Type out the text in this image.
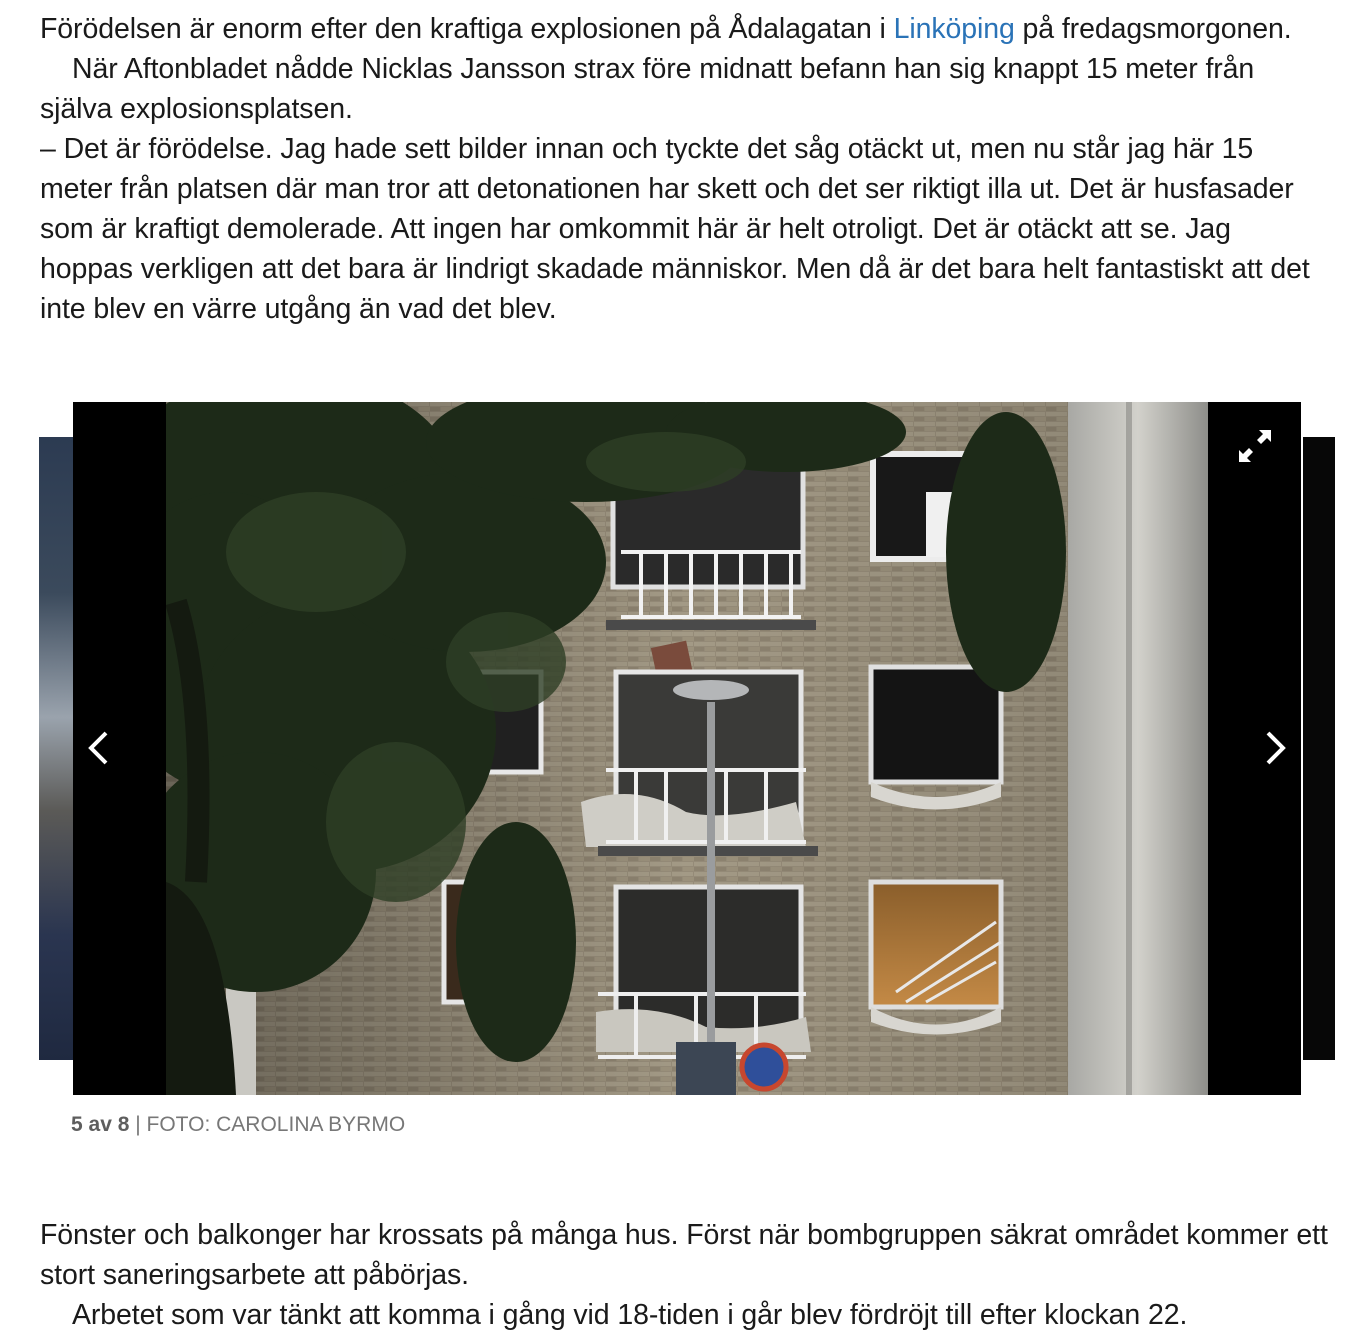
Förödelsen är enorm efter den kraftiga explosionen på Ådalagatan i Linköping på fredagsmorgonen.

När Aftonbladet nådde Nicklas Jansson strax före midnatt befann han sig knappt 15 meter från själva explosionsplatsen.

– Det är förödelse. Jag hade sett bilder innan och tyckte det såg otäckt ut, men nu står jag här 15 meter från platsen där man tror att detonationen har skett och det ser riktigt illa ut. Det är husfasader som är kraftigt demolerade. Att ingen har omkommit här är helt otroligt. Det är otäckt att se. Jag hoppas verkligen att det bara är lindrigt skadade människor. Men då är det bara helt fantastiskt att det inte blev en värre utgång än vad det blev.

5 av 8 | FOTO: CAROLINA BYRMO

Fönster och balkonger har krossats på många hus. Först när bombgruppen säkrat området kommer ett stort saneringsarbete att påbörjas.

Arbetet som var tänkt att komma i gång vid 18-tiden i går blev fördröjt till efter klockan 22.
